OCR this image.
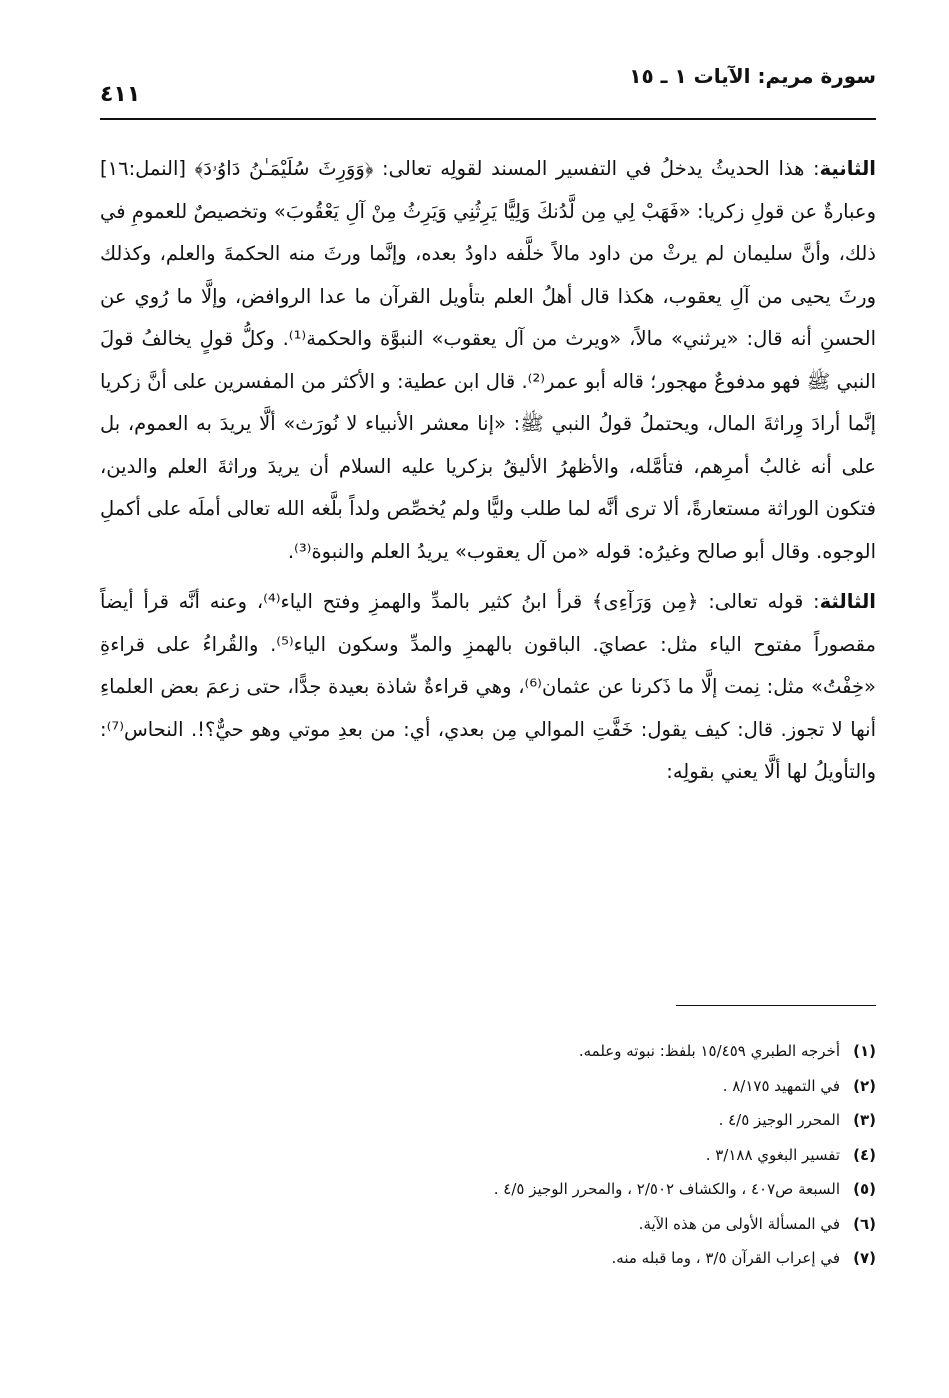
سورة مريم: الآيات ١ ـ ١٥
٤١١

الثانية: هذا الحديثُ يدخلُ في التفسير المسند لقولِه تعالى: ﴿وَوَرِثَ سُلَيْمَـٰنُ دَاوُۥدَ﴾ [النمل:١٦] وعبارةٌ عن قولِ زكريا: «فَهَبْ لِي مِن لَّدُنكَ وَلِيًّا يَرِثُنِي وَيَرِثُ مِنْ آلِ يَعْقُوبَ» وتخصيصٌ للعمومِ في ذلك، وأنَّ سليمان لم يرثْ من داود مالاً خلَّفه داودُ بعده، وإنَّما ورثَ منه الحكمةَ والعلم، وكذلك ورثَ يحيى من آلِ يعقوب، هكذا قال أهلُ العلم بتأويل القرآن ما عدا الروافض، وإلَّا ما رُوي عن الحسنِ أنه قال: «يرثني» مالاً، «ويرث من آل يعقوب» النبوَّة والحكمة⁽¹⁾. وكلُّ قولٍ يخالفُ قولَ النبي ﷺ فهو مدفوعٌ مهجور؛ قاله أبو عمر⁽²⁾. قال ابن عطية: و الأكثر من المفسرين على أنَّ زكريا إنَّما أرادَ وِراثةَ المال، ويحتملُ قولُ النبي ﷺ: «إنا معشر الأنبياء لا نُورَث» ألَّا يريدَ به العموم، بل على أنه غالبُ أمرِهم، فتأمَّله، والأظهرُ الأليقُ بزكريا عليه السلام أن يريدَ وراثةَ العلم والدين، فتكون الوراثة مستعارةً، ألا ترى أنَّه لما طلب وليًّا ولم يُخصِّص ولداً بلَّغه الله تعالى أملَه على أكملِ الوجوه. وقال أبو صالح وغيرُه: قوله «من آل يعقوب» يريدُ العلم والنبوة⁽³⁾.

الثالثة: قوله تعالى: ﴿مِن وَرَآءِى﴾ قرأ ابنُ كثير بالمدِّ والهمزِ وفتح الياء⁽⁴⁾، وعنه أنَّه قرأ أيضاً مقصوراً مفتوح الياء مثل: عصايَ. الباقون بالهمزِ والمدِّ وسكون الياء⁽⁵⁾. والقُراءُ على قراءةِ «خِفْتُ» مثل: نِمت إلَّا ما ذَكرنا عن عثمان⁽⁶⁾، وهي قراءةٌ شاذة بعيدة جدًّا، حتى زعمَ بعض العلماءِ أنها لا تجوز. قال: كيف يقول: خَفَّتِ الموالي مِن بعدي، أي: من بعدِ موتي وهو حيٌّ؟!. النحاس⁽⁷⁾: والتأويلُ لها ألَّا يعني بقولِه:

(١)أخرجه الطبري ١٥/٤٥٩ بلفظ: نبوته وعلمه.
(٢)في التمهيد ٨/١٧٥ .
(٣)المحرر الوجيز ٤/٥ .
(٤)تفسير البغوي ٣/١٨٨ .
(٥)السبعة ص٤٠٧ ، والكشاف ٢/٥٠٢ ، والمحرر الوجيز ٤/٥ .
(٦)في المسألة الأولى من هذه الآية.
(٧)في إعراب القرآن ٣/٥ ، وما قبله منه.
